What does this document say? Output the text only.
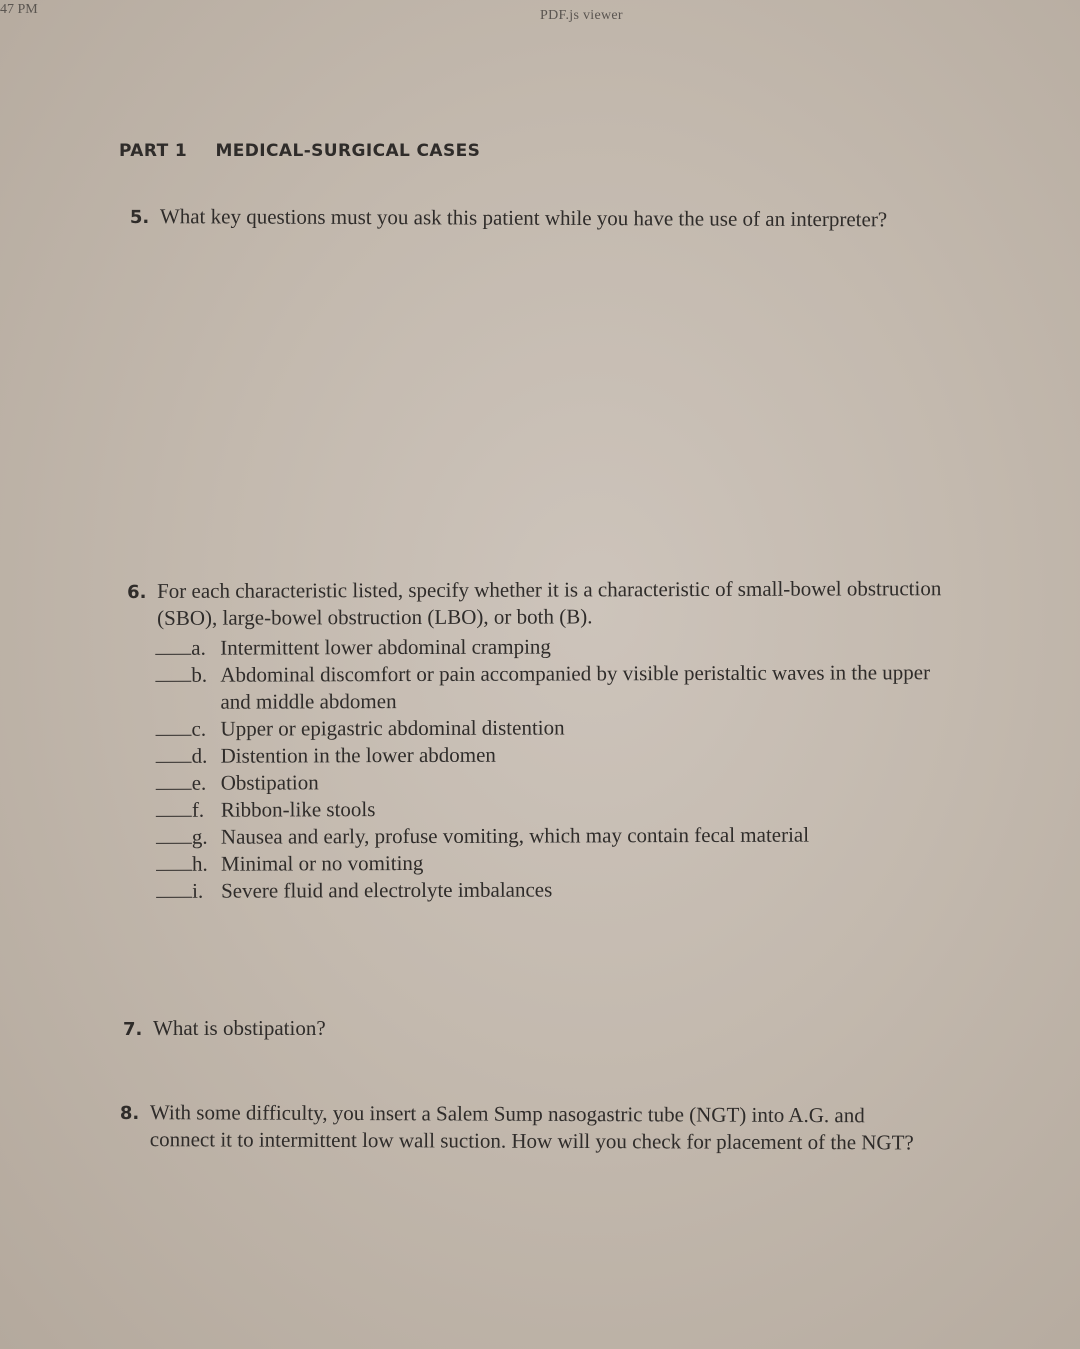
47 PM	PDF.js viewer
PART 1 MEDICAL-SURGICAL CASES
5. What key questions must you ask this patient while you have the use of an interpreter?
6. For each characteristic listed, specify whether it is a characteristic of small-bowel obstruction
(SBO), large-bowel obstruction (LBO), or both (B).
a. Intermittent lower abdominal cramping
b. Abdominal discomfort or pain accompanied by visible peristaltic waves in the upper
and middle abdomen
c. Upper or epigastric abdominal distention
d. Distention in the lower abdomen
e. Obstipation
f. Ribbon-like stools
g. Nausea and early, profuse vomiting, which may contain fecal material
h. Minimal or no vomiting
i. Severe fluid and electrolyte imbalances
7. What is obstipation?
8. With some difficulty, you insert a Salem Sump nasogastric tube (NGT) into A.G. and
connect it to intermittent low wall suction. How will you check for placement of the NGT?
